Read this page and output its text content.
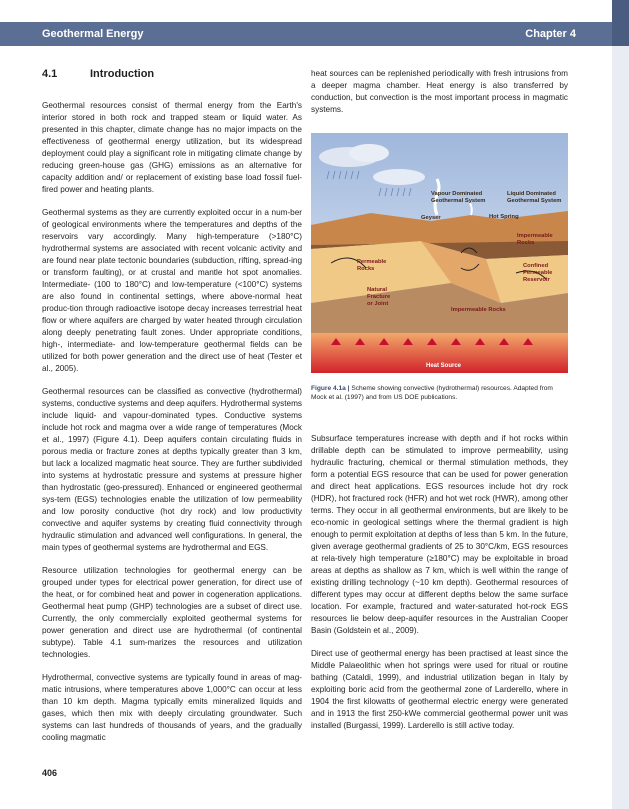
Geothermal Energy	Chapter 4
4.1	Introduction

Geothermal resources consist of thermal energy from the Earth's interior stored in both rock and trapped steam or liquid water. As presented in this chapter, climate change has no major impacts on the effectiveness of geothermal energy utilization, but its widespread deployment could play a significant role in mitigating climate change by reducing green-house gas (GHG) emissions as an alternative for capacity addition and/ or replacement of existing base load fossil fuel-fired power and heating plants.

Geothermal systems as they are currently exploited occur in a num-ber of geological environments where the temperatures and depths of the reservoirs vary accordingly. Many high-temperature (>180°C) hydrothermal systems are associated with recent volcanic activity and are found near plate tectonic boundaries (subduction, rifting, spread-ing or transform faulting), or at crustal and mantle hot spot anomalies. Intermediate- (100 to 180°C) and low-temperature (<100°C) systems are also found in continental settings, where above-normal heat produc-tion through radioactive isotope decay increases terrestrial heat flow or where aquifers are charged by water heated through circulation along deeply penetrating fault zones. Under appropriate conditions, high-, intermediate- and low-temperature geothermal fields can be utilized for both power generation and the direct use of heat (Tester et al., 2005).

Geothermal resources can be classified as convective (hydrothermal) systems, conductive systems and deep aquifers. Hydrothermal systems include liquid- and vapour-dominated types. Conductive systems include hot rock and magma over a wide range of temperatures (Mock et al., 1997) (Figure 4.1). Deep aquifers contain circulating fluids in porous media or fracture zones at depths typically greater than 3 km, but lack a localized magmatic heat source. They are further subdivided into systems at hydrostatic pressure and systems at pressure higher than hydrostatic (geo-pressured). Enhanced or engineered geothermal sys-tem (EGS) technologies enable the utilization of low permeability and low porosity conductive (hot dry rock) and low productivity convective and aquifer systems by creating fluid connectivity through hydraulic stimulation and advanced well configurations. In general, the main types of geothermal systems are hydrothermal and EGS.

Resource utilization technologies for geothermal energy can be grouped under types for electrical power generation, for direct use of the heat, or for combined heat and power in cogeneration applications. Geothermal heat pump (GHP) technologies are a subset of direct use. Currently, the only commercially exploited geothermal systems for power generation and direct use are hydrothermal (of continental subtype). Table 4.1 sum-marizes the resources and utilization technologies.

Hydrothermal, convective systems are typically found in areas of mag-matic intrusions, where temperatures above 1,000°C can occur at less than 10 km depth. Magma typically emits mineralized liquids and gases, which then mix with deeply circulating groundwater. Such systems can last hundreds of thousands of years, and the gradually cooling magmatic

heat sources can be replenished periodically with fresh intrusions from a deeper magma chamber. Heat energy is also transferred by conduction, but convection is the most important process in magmatic systems.

Vapour Dominated
Geothermal System
Liquid Dominated
Geothermal System
Geyser	Hot Spring
Impermeable
Rocks
Permeable
Rocks	Confined
Permeable
Reservoir
Natural
Fracture
or Joint
Impermeable Rocks
Heat Source
Figure 4.1a | Scheme showing convective (hydrothermal) resources. Adapted from Mock et al. (1997) and from US DOE publications.

Subsurface temperatures increase with depth and if hot rocks within drillable depth can be stimulated to improve permeability, using hydraulic fracturing, chemical or thermal stimulation methods, they form a potential EGS resource that can be used for power generation and direct heat applications. EGS resources include hot dry rock (HDR), hot fractured rock (HFR) and hot wet rock (HWR), among other terms. They occur in all geothermal environments, but are likely to be eco-nomic in geological settings where the thermal gradient is high enough to permit exploitation at depths of less than 5 km. In the future, given average geothermal gradients of 25 to 30°C/km, EGS resources at rela-tively high temperature (≥180°C) may be exploitable in broad areas at depths as shallow as 7 km, which is well within the range of existing drilling technology (~10 km depth). Geothermal resources of different types may occur at different depths below the same surface location. For example, fractured and water-saturated hot-rock EGS resources lie below deep-aquifer resources in the Australian Cooper Basin (Goldstein et al., 2009).

Direct use of geothermal energy has been practised at least since the Middle Palaeolithic when hot springs were used for ritual or routine bathing (Cataldi, 1999), and industrial utilization began in Italy by exploiting boric acid from the geothermal zone of Larderello, where in 1904 the first kilowatts of geothermal electric energy were generated and in 1913 the first 250-kWe commercial geothermal power unit was installed (Burgassi, 1999). Larderello is still active today.

406
